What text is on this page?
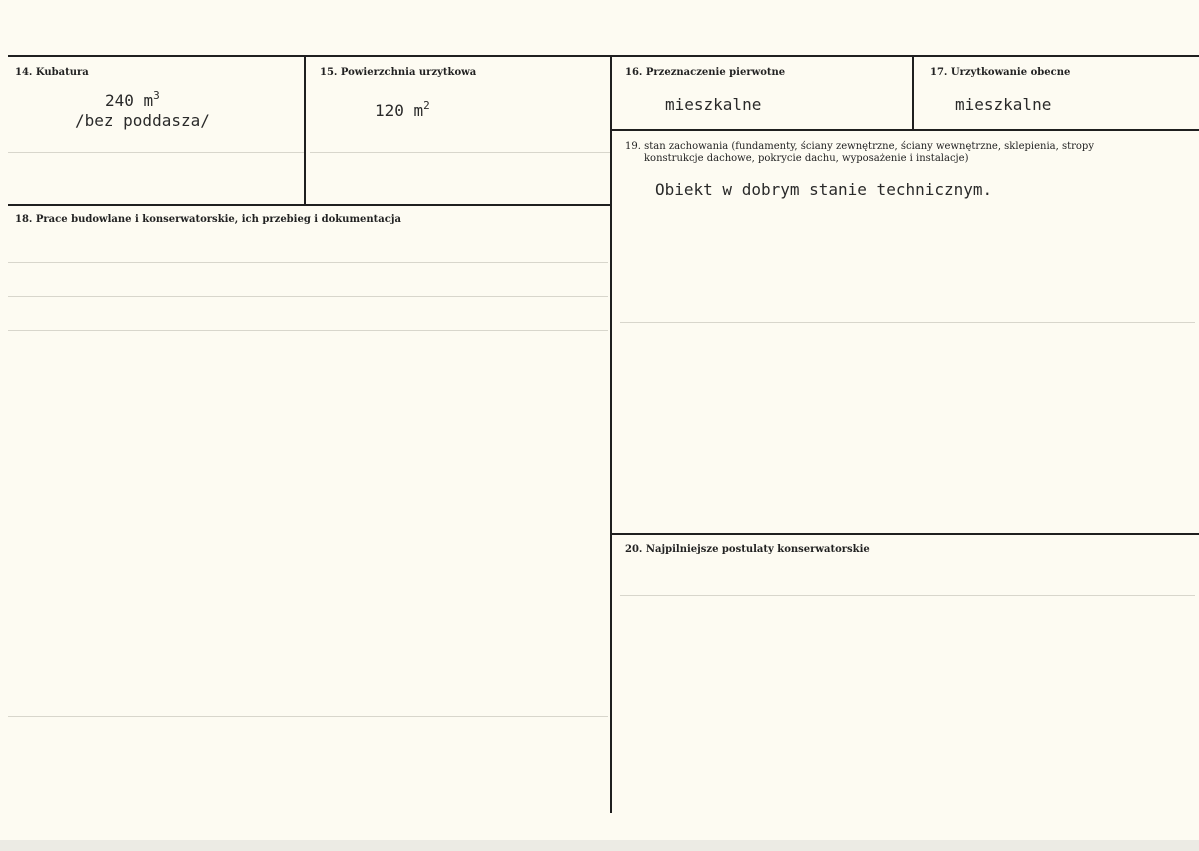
14. Kubatura
240 $m^3$
/bez poddasza/
15. Powierzchnia urzytkowa
120 $m^2$
16. Przeznaczenie pierwotne
mieszkalne
17. Urzytkowanie obecne
mieszkalne
18. Prace budowlane i konserwatorskie, ich przebieg i dokumentacja
19. stan zachowania (fundamenty, ściany zewnętrzne, ściany wewnętrzne, sklepienia, stropy
konstrukcje dachowe, pokrycie dachu, wyposażenie i instalacje)
Obiekt w dobrym stanie technicznym.
20. Najpilniejsze postulaty konserwatorskie
